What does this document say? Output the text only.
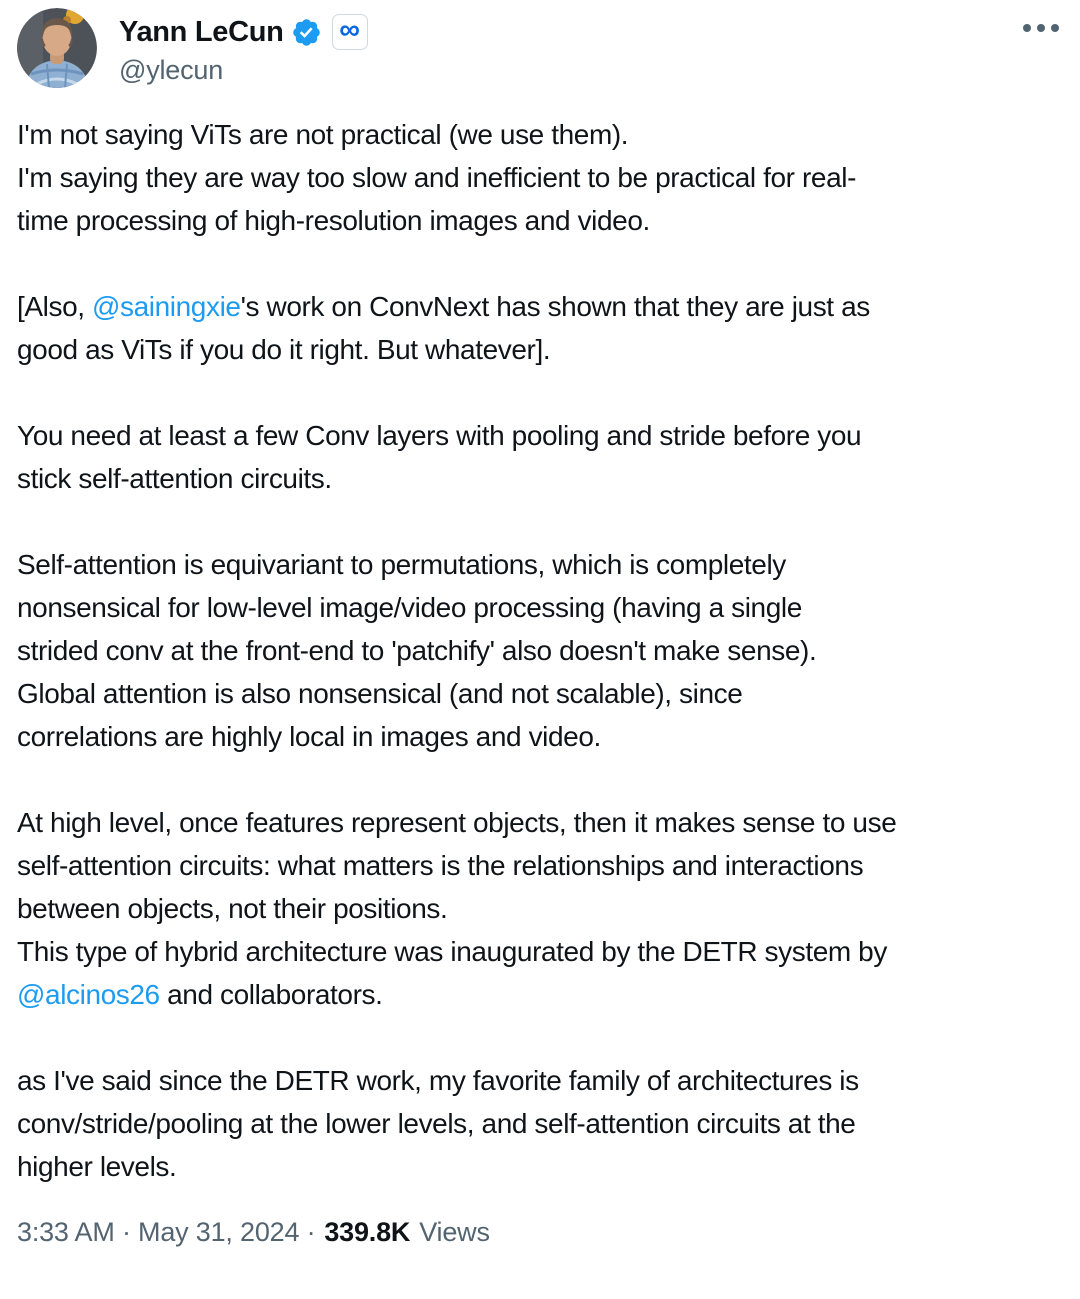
Yann LeCun ∞
@ylecun

I'm not saying ViTs are not practical (we use them).
I'm saying they are way too slow and inefficient to be practical for real-
time processing of high-resolution images and video.

[Also, @sainingxie's work on ConvNext has shown that they are just as
good as ViTs if you do it right. But whatever].

You need at least a few Conv layers with pooling and stride before you
stick self-attention circuits.

Self-attention is equivariant to permutations, which is completely
nonsensical for low-level image/video processing (having a single
strided conv at the front-end to 'patchify' also doesn't make sense).
Global attention is also nonsensical (and not scalable), since
correlations are highly local in images and video.

At high level, once features represent objects, then it makes sense to use
self-attention circuits: what matters is the relationships and interactions
between objects, not their positions.
This type of hybrid architecture was inaugurated by the DETR system by
@alcinos26 and collaborators.

as I've said since the DETR work, my favorite family of architectures is
conv/stride/pooling at the lower levels, and self-attention circuits at the
higher levels.

3:33 AM · May 31, 2024 · 339.8K Views
